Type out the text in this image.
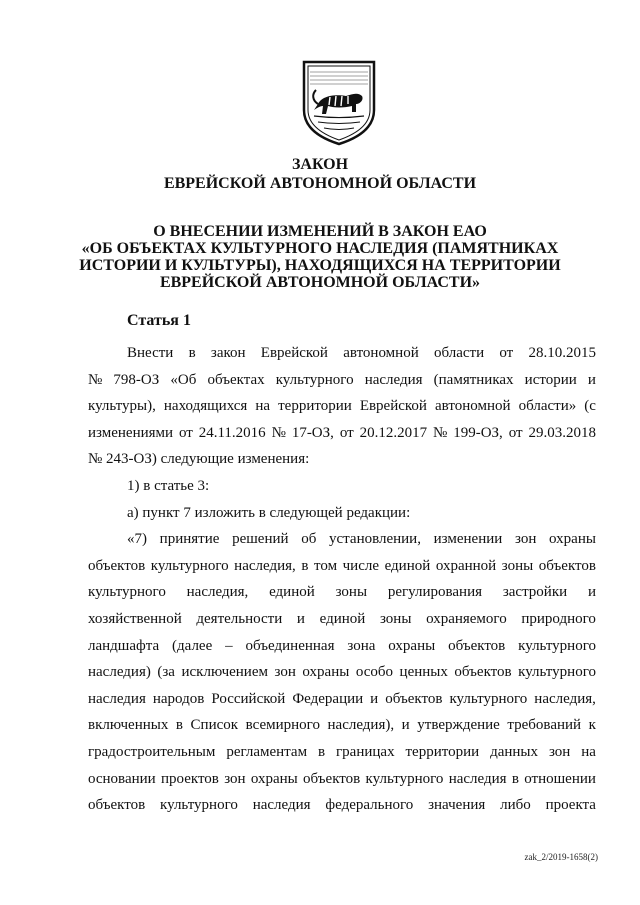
ЗАКОН
ЕВРЕЙСКОЙ АВТОНОМНОЙ ОБЛАСТИ
О ВНЕСЕНИИ ИЗМЕНЕНИЙ В ЗАКОН ЕАО
«ОБ ОБЪЕКТАХ КУЛЬТУРНОГО НАСЛЕДИЯ (ПАМЯТНИКАХ
ИСТОРИИ И КУЛЬТУРЫ), НАХОДЯЩИХСЯ НА ТЕРРИТОРИИ
ЕВРЕЙСКОЙ АВТОНОМНОЙ ОБЛАСТИ»
Статья 1
Внести в закон Еврейской автономной области от 28.10.2015
№ 798-ОЗ «Об объектах культурного наследия (памятниках истории и
культуры), находящихся на территории Еврейской автономной области» (с
изменениями от 24.11.2016 № 17-ОЗ, от 20.12.2017 № 199-ОЗ, от 29.03.2018
№ 243-ОЗ) следующие изменения:
1) в статье 3:
а) пункт 7 изложить в следующей редакции:
«7) принятие решений об установлении, изменении зон охраны
объектов культурного наследия, в том числе единой охранной зоны объектов
культурного наследия, единой зоны регулирования застройки и
хозяйственной деятельности и единой зоны охраняемого природного
ландшафта (далее – объединенная зона охраны объектов культурного
наследия) (за исключением зон охраны особо ценных объектов культурного
наследия народов Российской Федерации и объектов культурного наследия,
включенных в Список всемирного наследия), и утверждение требований к
градостроительным регламентам в границах территории данных зон на
основании проектов зон охраны объектов культурного наследия в отношении
объектов культурного наследия федерального значения либо проекта
zak_2/2019-1658(2)
